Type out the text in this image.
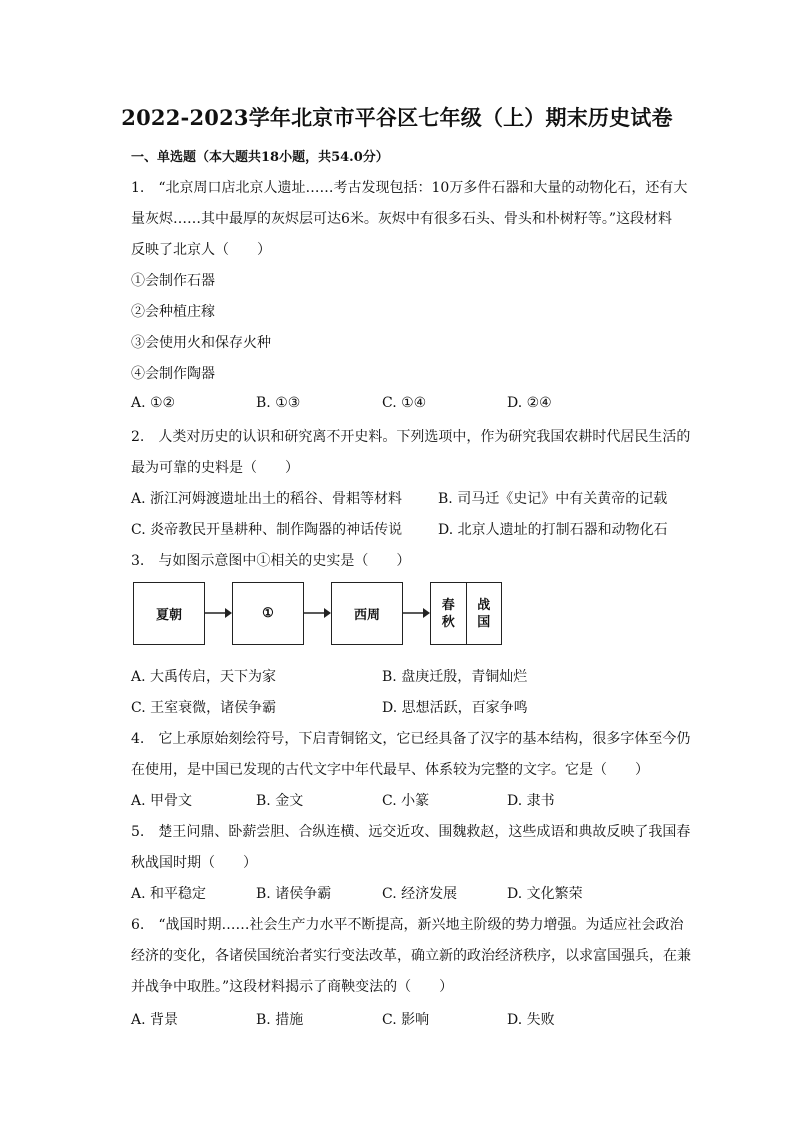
2022-2023学年北京市平谷区七年级（上）期末历史试卷
一、单选题（本大题共18小题，共54.0分）
1.　“北京周口店北京人遗址……考古发现包括：10万多件石器和大量的动物化石，还有大
量灰烬……其中最厚的灰烬层可达6米。灰烬中有很多石头、骨头和朴树籽等。”这段材料
反映了北京人（　　）
①会制作石器
②会种植庄稼
③会使用火和保存火种
④会制作陶器
A. ①②	B. ①③	C. ①④	D. ②④
2.　人类对历史的认识和研究离不开史料。下列选项中，作为研究我国农耕时代居民生活的
最为可靠的史料是（　　）
A. 浙江河姆渡遗址出土的稻谷、骨耜等材料	B. 司马迁《史记》中有关黄帝的记载
C. 炎帝教民开垦耕种、制作陶器的神话传说	D. 北京人遗址的打制石器和动物化石
3.　与如图示意图中①相关的史实是（　　）
夏朝	①	西周
春秋
战国
A. 大禹传启，天下为家	B. 盘庚迁殷，青铜灿烂
C. 王室衰微，诸侯争霸	D. 思想活跃，百家争鸣
4.　它上承原始刻绘符号，下启青铜铭文，它已经具备了汉字的基本结构，很多字体至今仍
在使用，是中国已发现的古代文字中年代最早、体系较为完整的文字。它是（　　）
A. 甲骨文	B. 金文	C. 小篆	D. 隶书
5.　楚王问鼎、卧薪尝胆、合纵连横、远交近攻、围魏救赵，这些成语和典故反映了我国春
秋战国时期（　　）
A. 和平稳定	B. 诸侯争霸	C. 经济发展	D. 文化繁荣
6.　“战国时期……社会生产力水平不断提高，新兴地主阶级的势力增强。为适应社会政治
经济的变化，各诸侯国统治者实行变法改革，确立新的政治经济秩序，以求富国强兵，在兼
并战争中取胜。”这段材料揭示了商鞅变法的（　　）
A. 背景	B. 措施	C. 影响	D. 失败
